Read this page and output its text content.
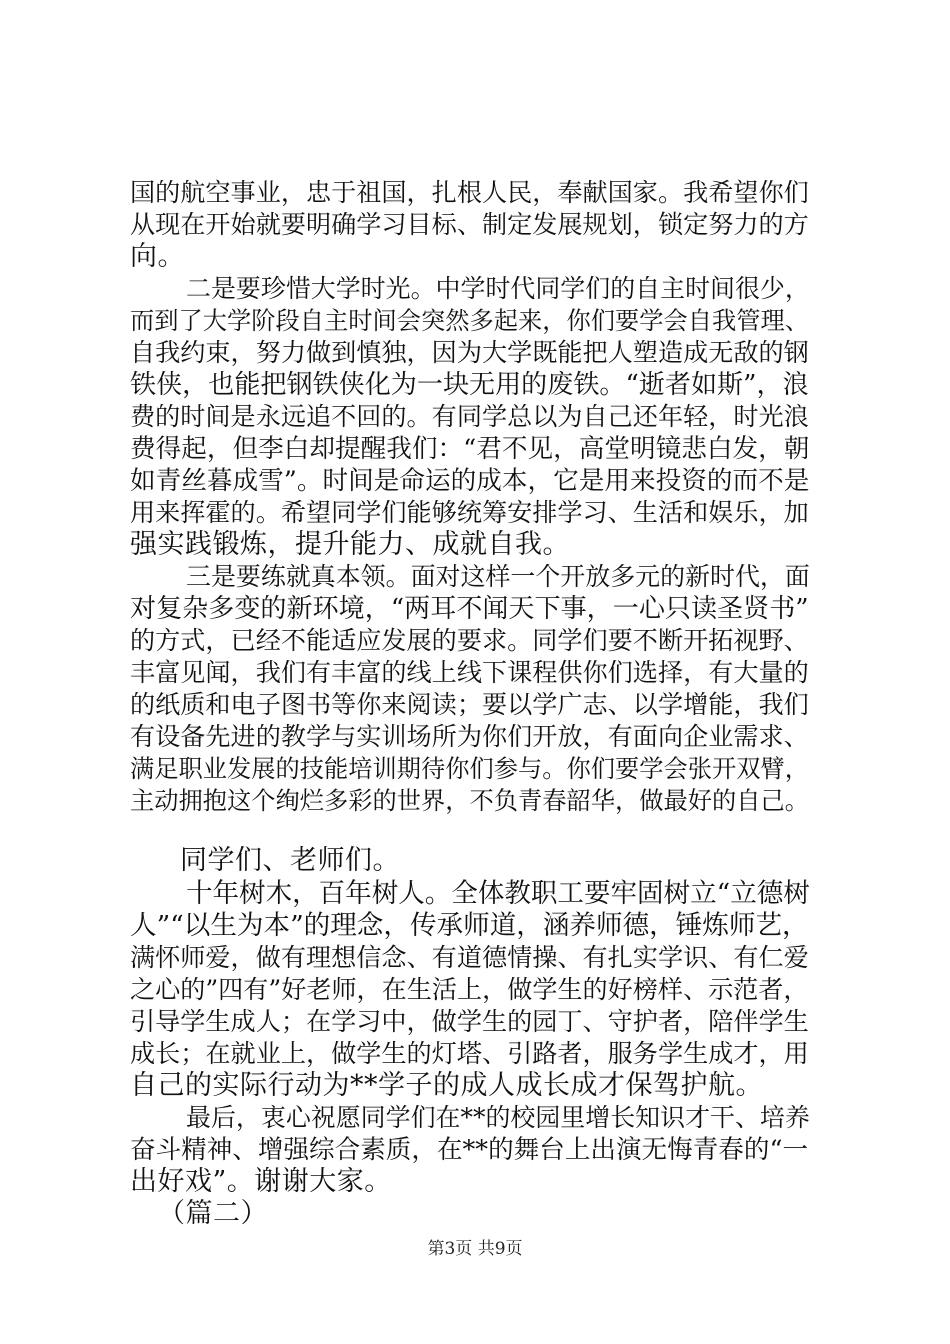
国的航空事业，忠于祖国，扎根人民，奉献国家。我希望你们
从现在开始就要明确学习目标、制定发展规划，锁定努力的方
向。
二是要珍惜大学时光。中学时代同学们的自主时间很少，
而到了大学阶段自主时间会突然多起来，你们要学会自我管理、
自我约束，努力做到慎独，因为大学既能把人塑造成无敌的钢
铁侠，也能把钢铁侠化为一块无用的废铁。“逝者如斯”，浪
费的时间是永远追不回的。有同学总以为自己还年轻，时光浪
费得起，但李白却提醒我们：“君不见，高堂明镜悲白发，朝
如青丝暮成雪”。时间是命运的成本，它是用来投资的而不是
用来挥霍的。希望同学们能够统筹安排学习、生活和娱乐，加
强实践锻炼，提升能力、成就自我。
三是要练就真本领。面对这样一个开放多元的新时代，面
对复杂多变的新环境，“两耳不闻天下事，一心只读圣贤书”
的方式，已经不能适应发展的要求。同学们要不断开拓视野、
丰富见闻，我们有丰富的线上线下课程供你们选择，有大量的
的纸质和电子图书等你来阅读；要以学广志、以学增能，我们
有设备先进的教学与实训场所为你们开放，有面向企业需求、
满足职业发展的技能培训期待你们参与。你们要学会张开双臂，
主动拥抱这个绚烂多彩的世界，不负青春韶华，做最好的自己。
同学们、老师们。
十年树木，百年树人。全体教职工要牢固树立“立德树
人”“以生为本”的理念，传承师道，涵养师德，锤炼师艺，
满怀师爱，做有理想信念、有道德情操、有扎实学识、有仁爱
之心的”四有”好老师，在生活上，做学生的好榜样、示范者，
引导学生成人；在学习中，做学生的园丁、守护者，陪伴学生
成长；在就业上，做学生的灯塔、引路者，服务学生成才，用
自己的实际行动为**学子的成人成长成才保驾护航。
最后，衷心祝愿同学们在**的校园里增长知识才干、培养
奋斗精神、增强综合素质，在**的舞台上出演无悔青春的“一
出好戏”。谢谢大家。
（篇二）
第3页 共9页
